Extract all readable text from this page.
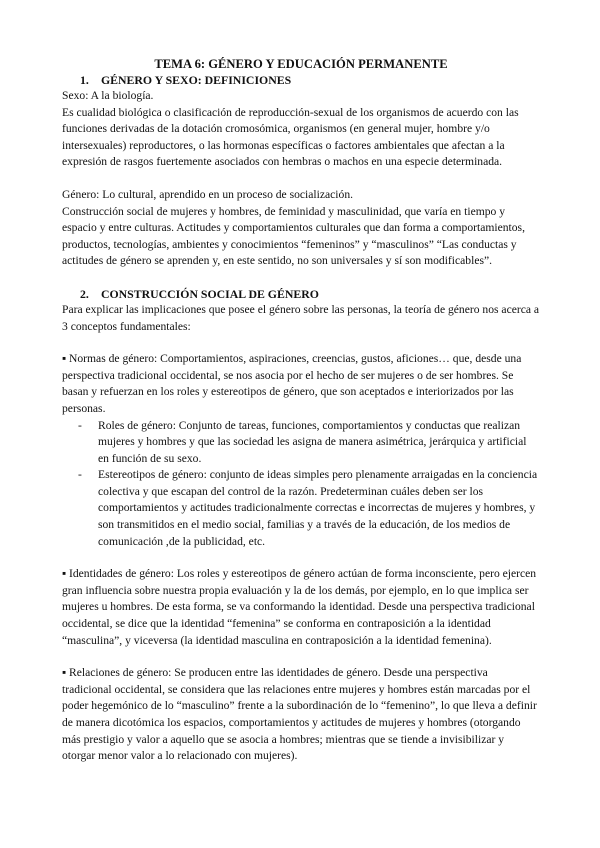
TEMA 6: GÉNERO Y EDUCACIÓN PERMANENTE
1. GÉNERO Y SEXO: DEFINICIONES

Sexo: A la biología.

Es cualidad biológica o clasificación de reproducción-sexual de los organismos de acuerdo con las funciones derivadas de la dotación cromosómica, organismos (en general mujer, hombre y/o intersexuales) reproductores, o las hormonas específicas o factores ambientales que afectan a la expresión de rasgos fuertemente asociados con hembras o machos en una especie determinada.

Género: Lo cultural, aprendido en un proceso de socialización.

Construcción social de mujeres y hombres, de feminidad y masculinidad, que varía en tiempo y espacio y entre culturas. Actitudes y comportamientos culturales que dan forma a comportamientos, productos, tecnologías, ambientes y conocimientos “femeninos” y “masculinos” “Las conductas y actitudes de género se aprenden y, en este sentido, no son universales y sí son modificables”.

2. CONSTRUCCIÓN SOCIAL DE GÉNERO

Para explicar las implicaciones que posee el género sobre las personas, la teoría de género nos acerca a 3 conceptos fundamentales:

▪ Normas de género: Comportamientos, aspiraciones, creencias, gustos, aficiones… que, desde una perspectiva tradicional occidental, se nos asocia por el hecho de ser mujeres o de ser hombres. Se basan y refuerzan en los roles y estereotipos de género, que son aceptados e interiorizados por las personas.

- Roles de género: Conjunto de tareas, funciones, comportamientos y conductas que realizan mujeres y hombres y que las sociedad les asigna de manera asimétrica, jerárquica y artificial en función de su sexo.
- Estereotipos de género: conjunto de ideas simples pero plenamente arraigadas en la conciencia colectiva y que escapan del control de la razón. Predeterminan cuáles deben ser los comportamientos y actitudes tradicionalmente correctas e incorrectas de mujeres y hombres, y son transmitidos en el medio social, familias y a través de la educación, de los medios de comunicación ,de la publicidad, etc.

▪ Identidades de género: Los roles y estereotipos de género actúan de forma inconsciente, pero ejercen gran influencia sobre nuestra propia evaluación y la de los demás, por ejemplo, en lo que implica ser mujeres u hombres. De esta forma, se va conformando la identidad. Desde una perspectiva tradicional occidental, se dice que la identidad “femenina” se conforma en contraposición a la identidad “masculina”, y viceversa (la identidad masculina en contraposición a la identidad femenina).

▪ Relaciones de género: Se producen entre las identidades de género. Desde una perspectiva tradicional occidental, se considera que las relaciones entre mujeres y hombres están marcadas por el poder hegemónico de lo “masculino” frente a la subordinación de lo “femenino”, lo que lleva a definir de manera dicotómica los espacios, comportamientos y actitudes de mujeres y hombres (otorgando más prestigio y valor a aquello que se asocia a hombres; mientras que se tiende a invisibilizar y otorgar menor valor a lo relacionado con mujeres).
